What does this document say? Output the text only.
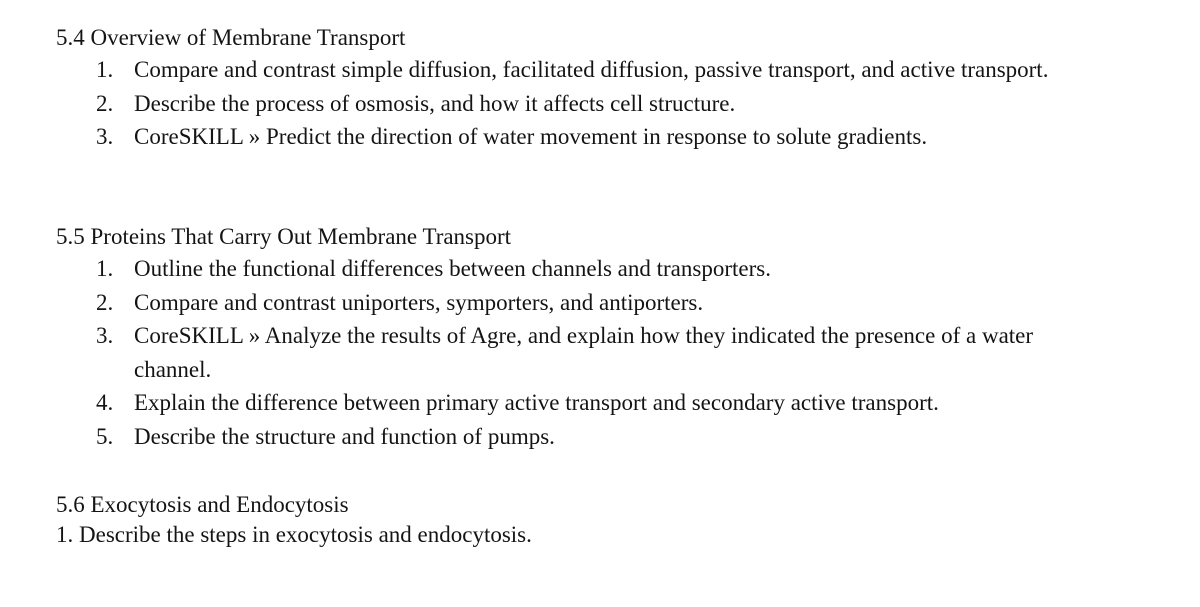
5.4 Overview of Membrane Transport
1. Compare and contrast simple diffusion, facilitated diffusion, passive transport, and active transport.
2. Describe the process of osmosis, and how it affects cell structure.
3. CoreSKILL » Predict the direction of water movement in response to solute gradients.
5.5 Proteins That Carry Out Membrane Transport
1. Outline the functional differences between channels and transporters.
2. Compare and contrast uniporters, symporters, and antiporters.
3. CoreSKILL » Analyze the results of Agre, and explain how they indicated the presence of a water channel.
4. Explain the difference between primary active transport and secondary active transport.
5. Describe the structure and function of pumps.
5.6 Exocytosis and Endocytosis
1. Describe the steps in exocytosis and endocytosis.
